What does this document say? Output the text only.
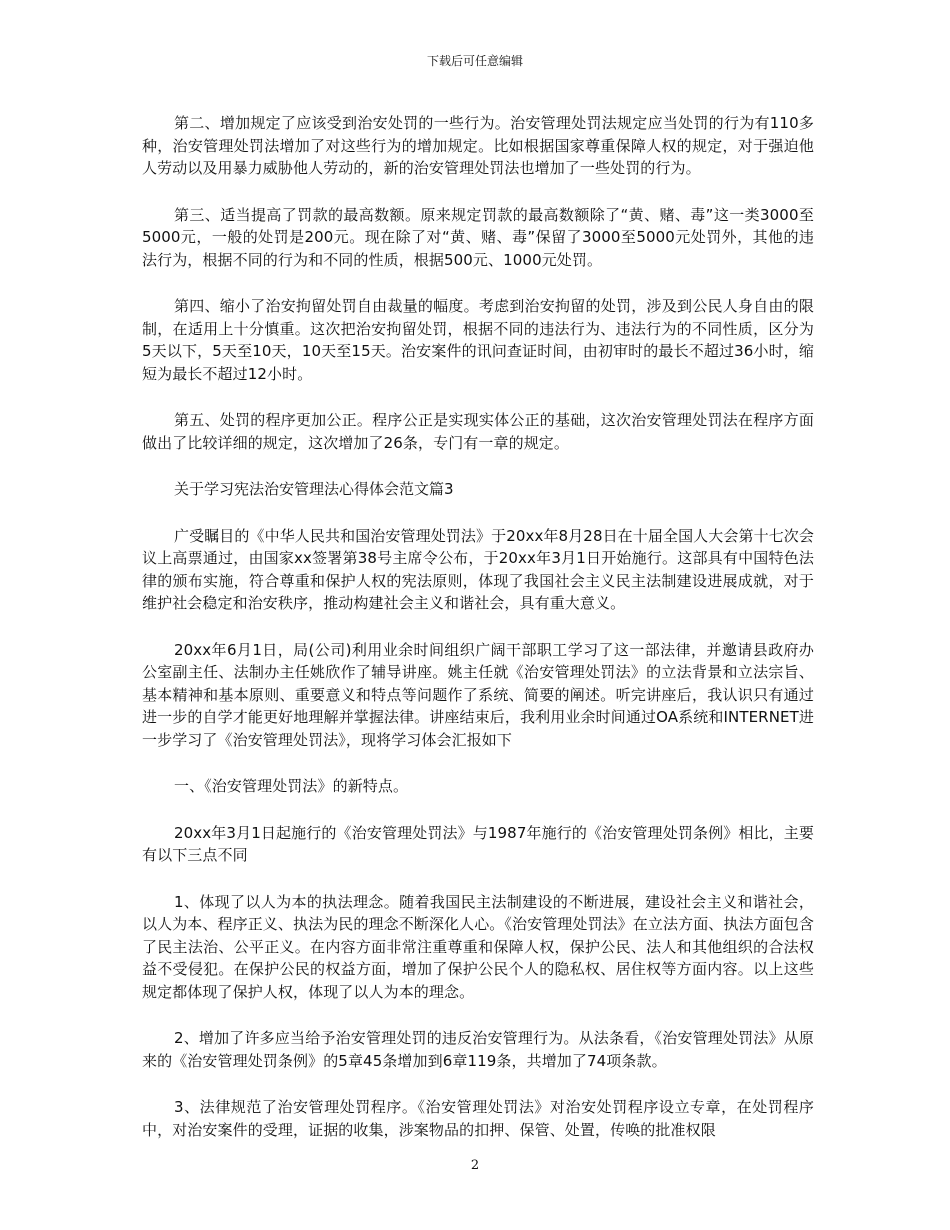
下载后可任意编辑

第二、增加规定了应该受到治安处罚的一些行为。治安管理处罚法规定应当处罚的行为有110多种，治安管理处罚法增加了对这些行为的增加规定。比如根据国家尊重保障人权的规定，对于强迫他人劳动以及用暴力威胁他人劳动的，新的治安管理处罚法也增加了一些处罚的行为。

第三、适当提高了罚款的最高数额。原来规定罚款的最高数额除了“黄、赌、毒”这一类3000至5000元，一般的处罚是200元。现在除了对“黄、赌、毒”保留了3000至5000元处罚外，其他的违法行为，根据不同的行为和不同的性质，根据500元、1000元处罚。

第四、缩小了治安拘留处罚自由裁量的幅度。考虑到治安拘留的处罚，涉及到公民人身自由的限制，在适用上十分慎重。这次把治安拘留处罚，根据不同的违法行为、违法行为的不同性质，区分为5天以下，5天至10天，10天至15天。治安案件的讯问查证时间，由初审时的最长不超过36小时，缩短为最长不超过12小时。

第五、处罚的程序更加公正。程序公正是实现实体公正的基础，这次治安管理处罚法在程序方面做出了比较详细的规定，这次增加了26条，专门有一章的规定。

关于学习宪法治安管理法心得体会范文篇3

广受瞩目的《中华人民共和国治安管理处罚法》于20xx年8月28日在十届全国人大会第十七次会议上高票通过，由国家xx签署第38号主席令公布，于20xx年3月1日开始施行。这部具有中国特色法律的颁布实施，符合尊重和保护人权的宪法原则，体现了我国社会主义民主法制建设进展成就，对于维护社会稳定和治安秩序，推动构建社会主义和谐社会，具有重大意义。

20xx年6月1日，局(公司)利用业余时间组织广阔干部职工学习了这一部法律，并邀请县政府办公室副主任、法制办主任姚欣作了辅导讲座。姚主任就《治安管理处罚法》的立法背景和立法宗旨、基本精神和基本原则、重要意义和特点等问题作了系统、简要的阐述。听完讲座后，我认识只有通过进一步的自学才能更好地理解并掌握法律。讲座结束后，我利用业余时间通过OA系统和INTERNET进一步学习了《治安管理处罚法》，现将学习体会汇报如下

一、《治安管理处罚法》的新特点。

20xx年3月1日起施行的《治安管理处罚法》与1987年施行的《治安管理处罚条例》相比，主要有以下三点不同

1、体现了以人为本的执法理念。随着我国民主法制建设的不断进展，建设社会主义和谐社会，以人为本、程序正义、执法为民的理念不断深化人心。《治安管理处罚法》在立法方面、执法方面包含了民主法治、公平正义。在内容方面非常注重尊重和保障人权，保护公民、法人和其他组织的合法权益不受侵犯。在保护公民的权益方面，增加了保护公民个人的隐私权、居住权等方面内容。以上这些规定都体现了保护人权，体现了以人为本的理念。

2、增加了许多应当给予治安管理处罚的违反治安管理行为。从法条看，《治安管理处罚法》从原来的《治安管理处罚条例》的5章45条增加到6章119条，共增加了74项条款。

3、法律规范了治安管理处罚程序。《治安管理处罚法》对治安处罚程序设立专章，在处罚程序中，对治安案件的受理，证据的收集，涉案物品的扣押、保管、处置，传唤的批准权限

2
